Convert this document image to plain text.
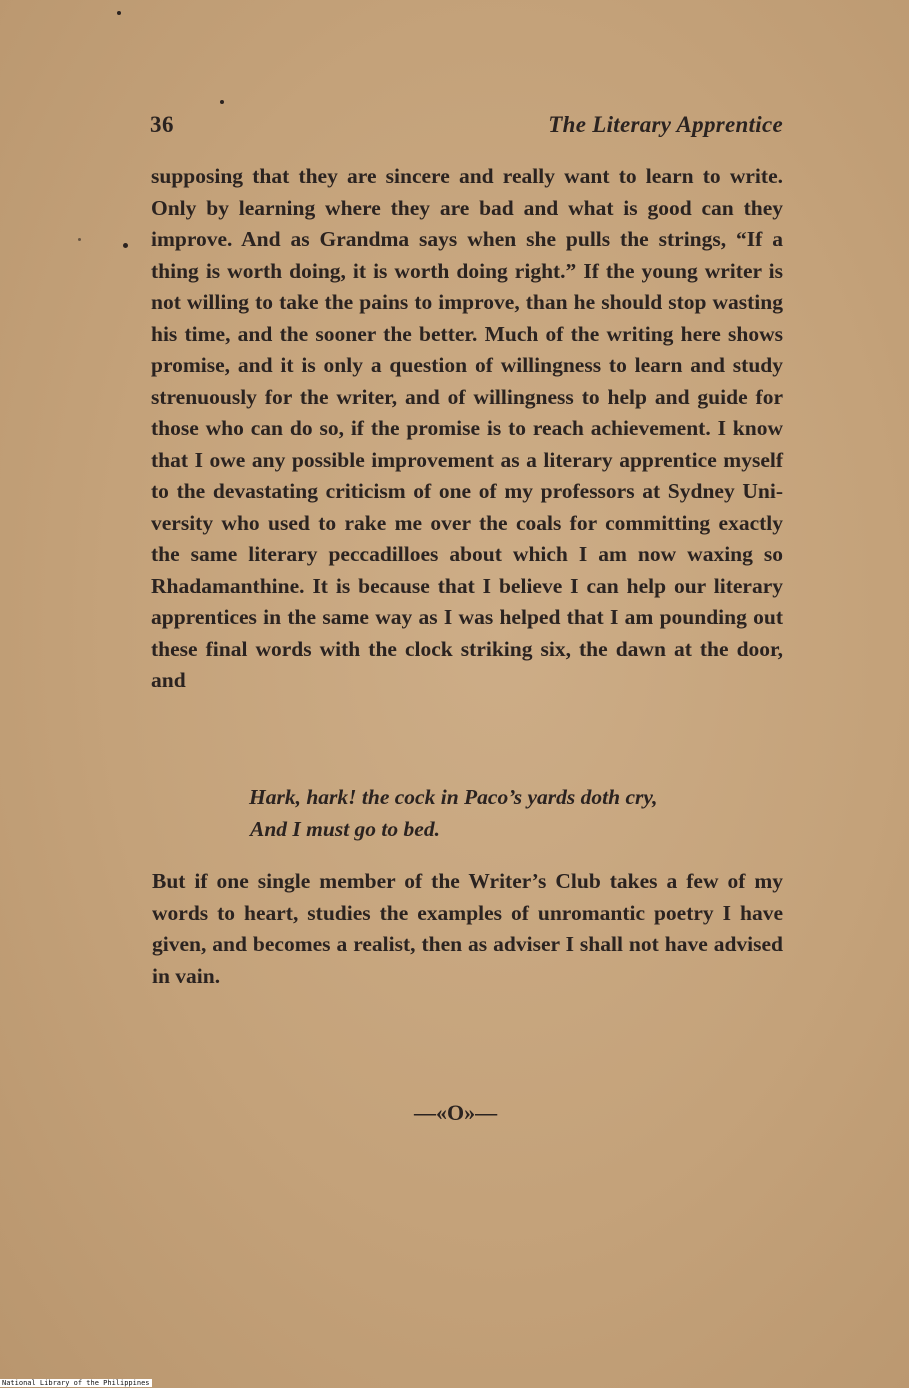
36	The Literary Apprentice

supposing that they are sincere and really want to learn to write. Only by learning where they are bad and what is good can they improve. And as Grandma says when she pulls the strings, “If a thing is worth doing, it is worth doing right.” If the young writer is not willing to take the pains to improve, than he should stop wasting his time, and the sooner the better. Much of the writing here shows promise, and it is only a question of willingness to learn and study strenuously for the writer, and of willingness to help and guide for those who can do so, if the promise is to reach achievement. I know that I owe any possible improvement as a literary apprentice myself to the devastating criticism of one of my professors at Sydney University who used to rake me over the coals for committing exactly the same literary peccadilloes about which I am now waxing so Rhadamanthine. It is because that I believe I can help our literary apprentices in the same way as I was helped that I am pounding out these final words with the clock striking six, the dawn at the door, and

Hark, hark! the cock in Paco’s yards doth cry,
And I must go to bed.

But if one single member of the Writer’s Club takes a few of my words to heart, studies the examples of unromantic poetry I have given, and becomes a realist, then as adviser I shall not have advised in vain.

—«O»—
National Library of the Philippines
